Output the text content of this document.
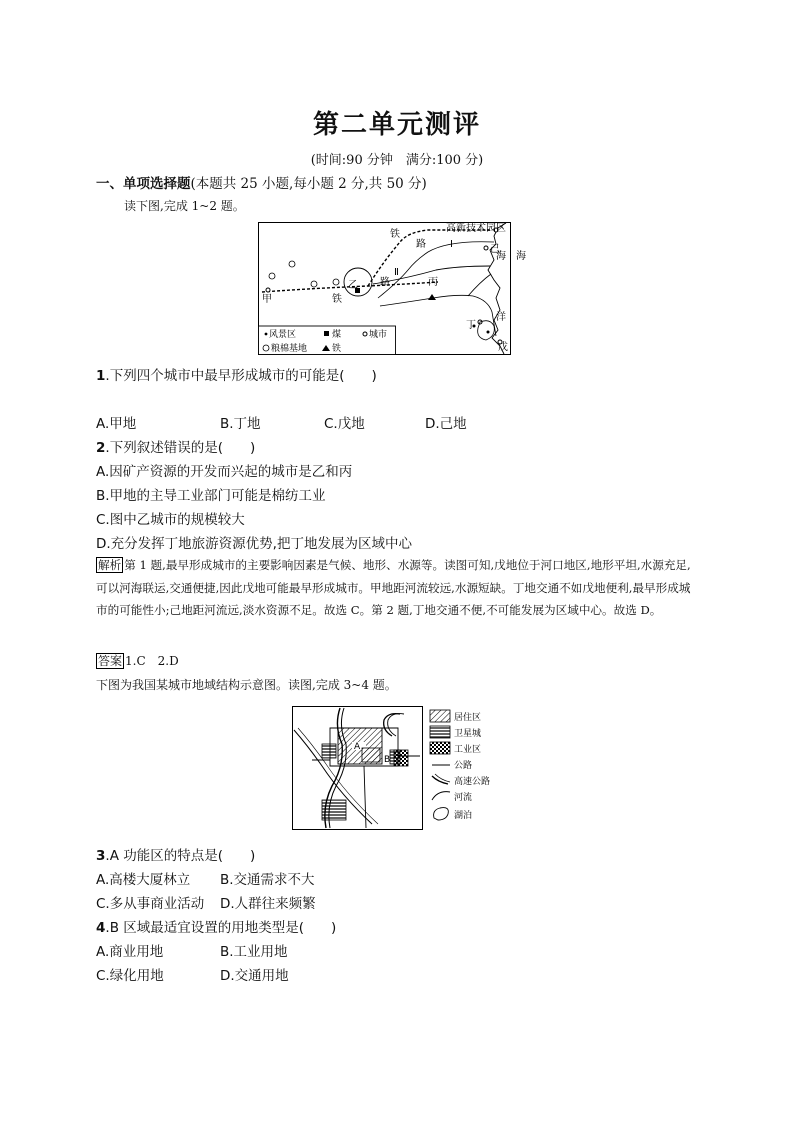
第二单元测评
(时间:90 分钟　满分:100 分)
一、单项选择题(本题共 25 小题,每小题 2 分,共 50 分)
读下图,完成 1~2 题。
高新技术园区
铁
路 I
Ⅱ
己
海
海
洋
乙 路	丙
甲	铁
丁
戊
风景区	煤	城市
粮棉基地	铁
1.下列四个城市中最早形成城市的可能是(　　)
A.甲地	B.丁地	C.戊地	D.己地
2.下列叙述错误的是(　　)
A.因矿产资源的开发而兴起的城市是乙和丙
B.甲地的主导工业部门可能是棉纺工业
C.图中乙城市的规模较大
D.充分发挥丁地旅游资源优势,把丁地发展为区域中心
解析 第 1 题,最早形成城市的主要影响因素是气候、地形、水源等。读图可知,戊地位于河口地区,地形平坦,水源充足,可以河海联运,交通便捷,因此戊地可能最早形成城市。甲地距河流较远,水源短缺。丁地交通不如戊地便利,最早形成城市的可能性小;己地距河流远,淡水资源不足。故选 C。第 2 题,丁地交通不便,不可能发展为区域中心。故选 D。
答案 1.C　2.D
下图为我国某城市地域结构示意图。读图,完成 3~4 题。
A
B
居住区
卫星城
工业区
公路
高速公路
河流
湖泊
3.A 功能区的特点是(　　)
A.高楼大厦林立 B.交通需求不大
C.多从事商业活动 D.人群往来频繁
4.B 区域最适宜设置的用地类型是(　　)
A.商业用地	B.工业用地
C.绿化用地	D.交通用地
